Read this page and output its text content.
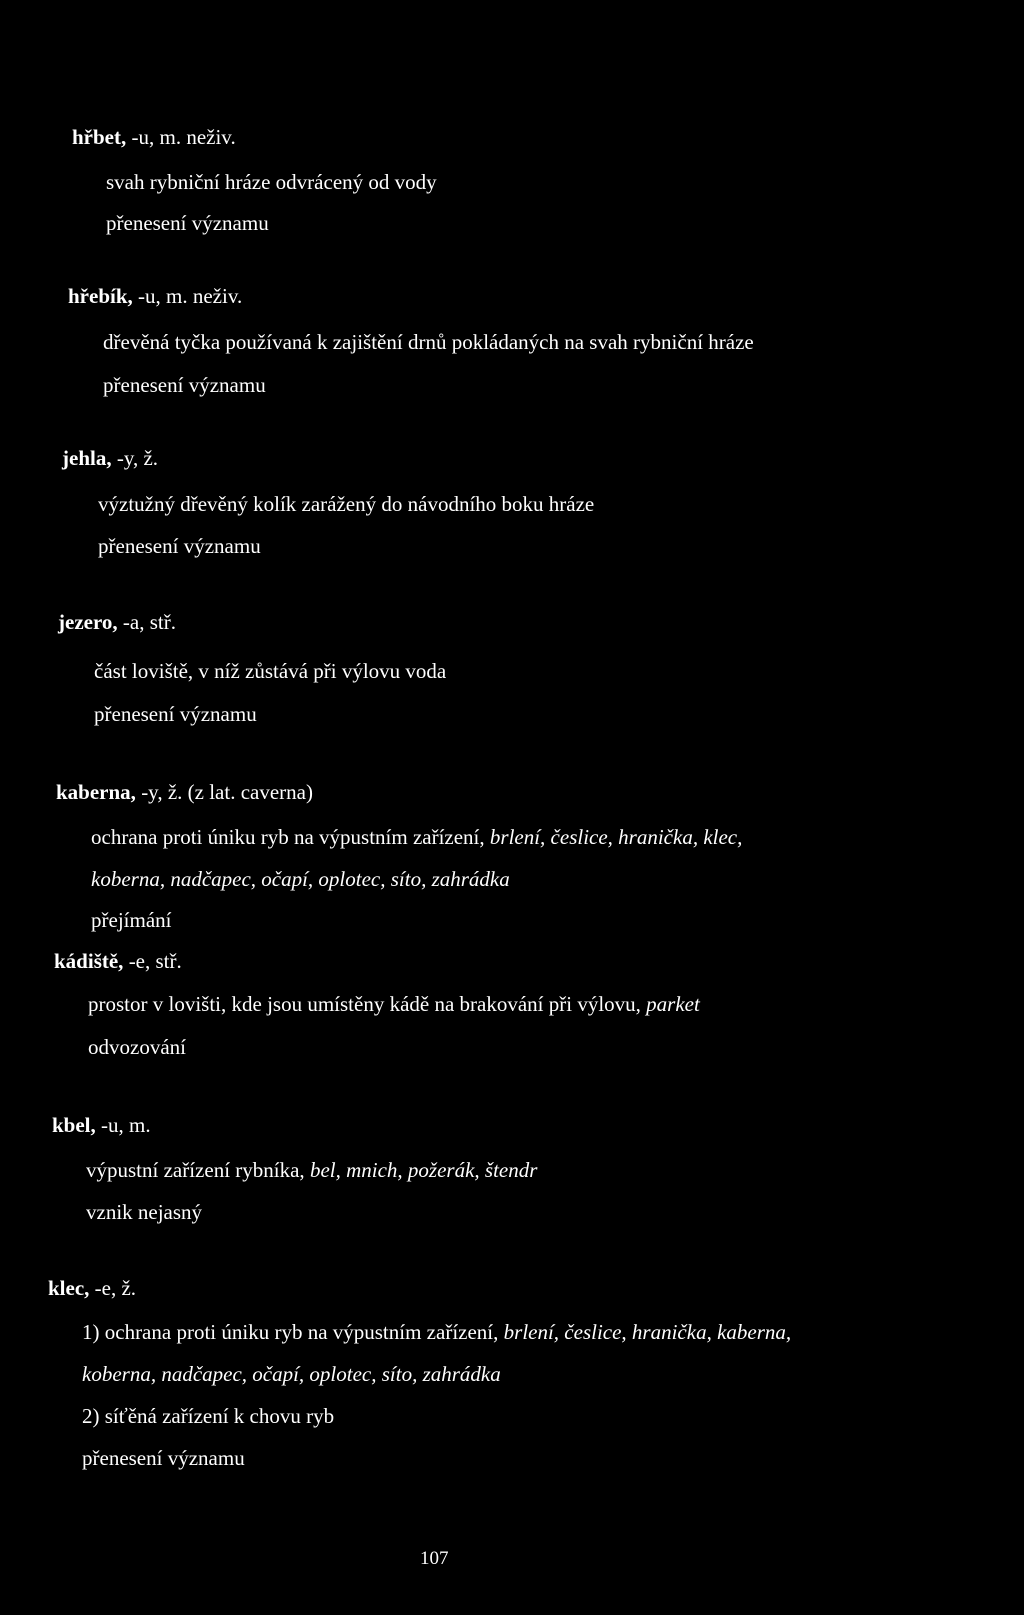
hřbet, -u, m. neživ.
svah rybniční hráze odvrácený od vody
přenesení významu
hřebík, -u, m. neživ.
dřevěná tyčka používaná k zajištění drnů pokládaných na svah rybniční hráze
přenesení významu
jehla, -y, ž.
výztužný dřevěný kolík zarážený do návodního boku hráze
přenesení významu
jezero, -a, stř.
část loviště, v níž zůstává při výlovu voda
přenesení významu
kaberna, -y, ž. (z lat. caverna)
ochrana proti úniku ryb na výpustním zařízení, brlení, česlice, hranička, klec,
koberna, nadčapec, očapí, oplotec, síto, zahrádka
přejímání
kádiště, -e, stř.
prostor v lovišti, kde jsou umístěny kádě na brakování při výlovu, parket
odvozování
kbel, -u, m.
výpustní zařízení rybníka, bel, mnich, požerák, štendr
vznik nejasný
klec, -e, ž.
1) ochrana proti úniku ryb na výpustním zařízení, brlení, česlice, hranička, kaberna,
koberna, nadčapec, očapí, oplotec, síto, zahrádka
2) síťěná zařízení k chovu ryb
přenesení významu
107
